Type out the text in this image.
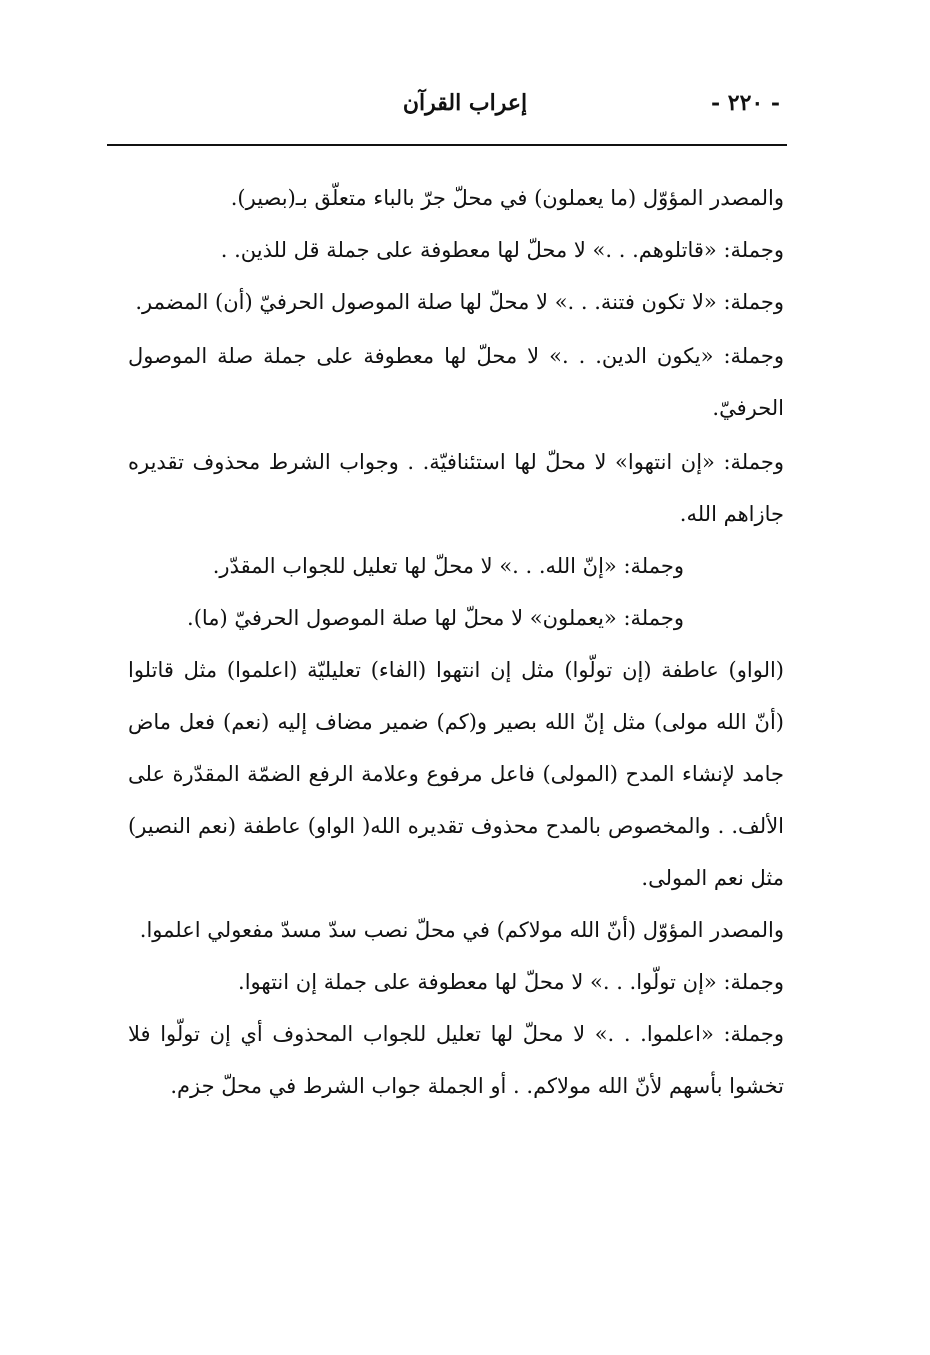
- ٢٢٠ -
إعراب القرآن

والمصدر المؤوّل (ما يعملون) في محلّ جرّ بالباء متعلّق بـ(بصير).

وجملة: «قاتلوهم. . .» لا محلّ لها معطوفة على جملة قل للذين. .

وجملة: «لا تكون فتنة. . .» لا محلّ لها صلة الموصول الحرفيّ (أن) المضمر.

وجملة: «يكون الدين. . .» لا محلّ لها معطوفة على جملة صلة الموصول الحرفيّ.

وجملة: «إن انتهوا» لا محلّ لها استئنافيّة. . وجواب الشرط محذوف تقديره جازاهم الله.

وجملة: «إنّ الله. . .» لا محلّ لها تعليل للجواب المقدّر.

وجملة: «يعملون» لا محلّ لها صلة الموصول الحرفيّ (ما).

(الواو) عاطفة (إن تولّوا) مثل إن انتهوا (الفاء) تعليليّة (اعلموا) مثل قاتلوا (أنّ الله مولى) مثل إنّ الله بصير و(كم) ضمير مضاف إليه (نعم) فعل ماض جامد لإنشاء المدح (المولى) فاعل مرفوع وعلامة الرفع الضمّة المقدّرة على الألف. . والمخصوص بالمدح محذوف تقديره الله( الواو) عاطفة (نعم النصير) مثل نعم المولى.

والمصدر المؤوّل (أنّ الله مولاكم) في محلّ نصب سدّ مسدّ مفعولي اعلموا.

وجملة: «إن تولّوا. . .» لا محلّ لها معطوفة على جملة إن انتهوا.

وجملة: «اعلموا. . .» لا محلّ لها تعليل للجواب المحذوف أي إن تولّوا فلا تخشوا بأسهم لأنّ الله مولاكم. . أو الجملة جواب الشرط في محلّ جزم.
